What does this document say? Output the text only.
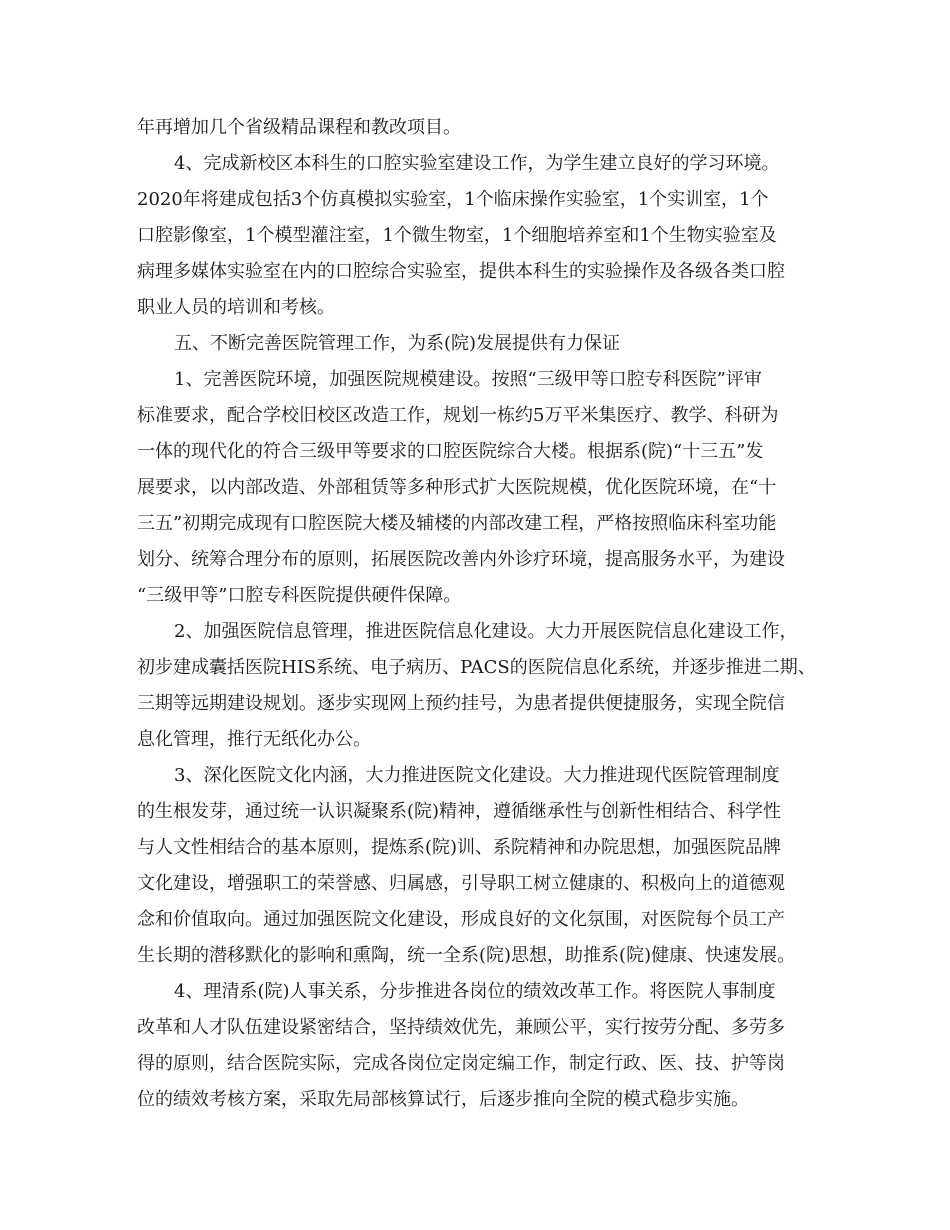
年再增加几个省级精品课程和教改项目。
4、完成新校区本科生的口腔实验室建设工作，为学生建立良好的学习环境。
2020年将建成包括3个仿真模拟实验室，1个临床操作实验室，1个实训室，1个
口腔影像室，1个模型灌注室，1个微生物室，1个细胞培养室和1个生物实验室及
病理多媒体实验室在内的口腔综合实验室，提供本科生的实验操作及各级各类口腔
职业人员的培训和考核。
五、不断完善医院管理工作，为系(院)发展提供有力保证
1、完善医院环境，加强医院规模建设。按照“三级甲等口腔专科医院”评审
标准要求，配合学校旧校区改造工作，规划一栋约5万平米集医疗、教学、科研为
一体的现代化的符合三级甲等要求的口腔医院综合大楼。根据系(院)“十三五”发
展要求，以内部改造、外部租赁等多种形式扩大医院规模，优化医院环境，在“十
三五”初期完成现有口腔医院大楼及辅楼的内部改建工程，严格按照临床科室功能
划分、统筹合理分布的原则，拓展医院改善内外诊疗环境，提高服务水平，为建设
“三级甲等”口腔专科医院提供硬件保障。
2、加强医院信息管理，推进医院信息化建设。大力开展医院信息化建设工作，
初步建成囊括医院HIS系统、电子病历、PACS的医院信息化系统，并逐步推进二期、
三期等远期建设规划。逐步实现网上预约挂号，为患者提供便捷服务，实现全院信
息化管理，推行无纸化办公。
3、深化医院文化内涵，大力推进医院文化建设。大力推进现代医院管理制度
的生根发芽，通过统一认识凝聚系(院)精神，遵循继承性与创新性相结合、科学性
与人文性相结合的基本原则，提炼系(院)训、系院精神和办院思想，加强医院品牌
文化建设，增强职工的荣誉感、归属感，引导职工树立健康的、积极向上的道德观
念和价值取向。通过加强医院文化建设，形成良好的文化氛围，对医院每个员工产
生长期的潜移默化的影响和熏陶，统一全系(院)思想，助推系(院)健康、快速发展。
4、理清系(院)人事关系，分步推进各岗位的绩效改革工作。将医院人事制度
改革和人才队伍建设紧密结合，坚持绩效优先，兼顾公平，实行按劳分配、多劳多
得的原则，结合医院实际，完成各岗位定岗定编工作，制定行政、医、技、护等岗
位的绩效考核方案，采取先局部核算试行，后逐步推向全院的模式稳步实施。
